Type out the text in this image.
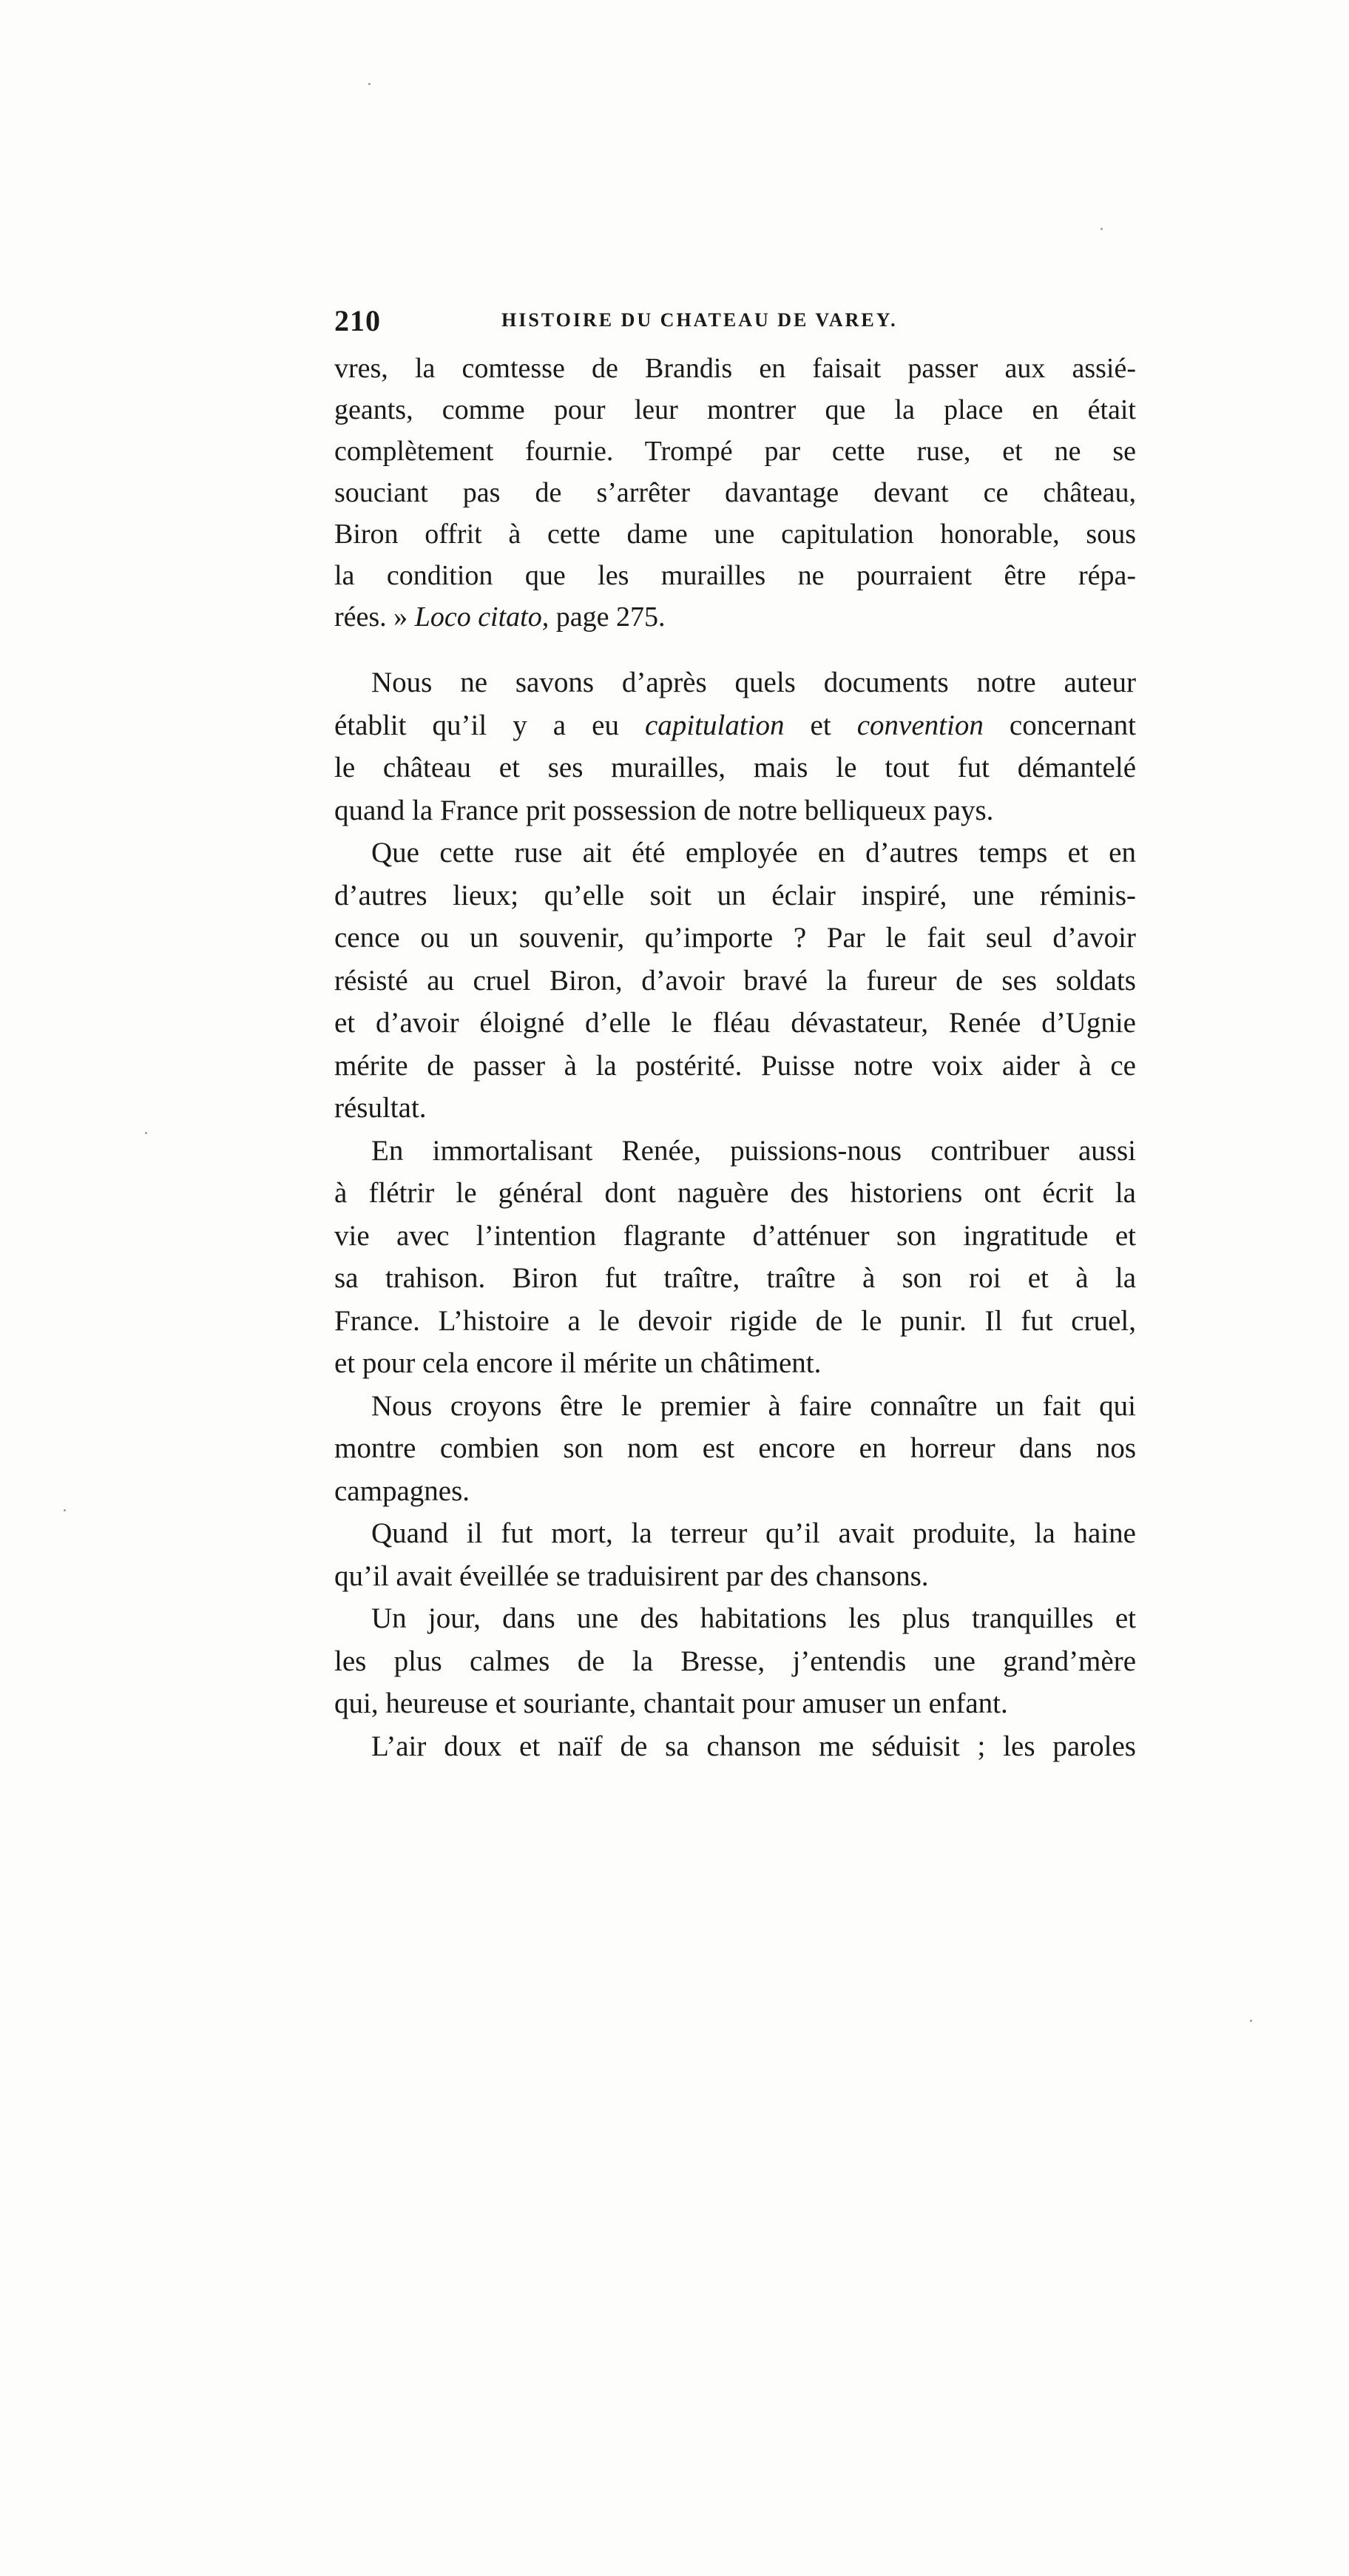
210	HISTOIRE DU CHATEAU DE VAREY.
vres, la comtesse de Brandis en faisait passer aux assié-
geants, comme pour leur montrer que la place en était
complètement fournie. Trompé par cette ruse, et ne se
souciant pas de s’arrêter davantage devant ce château,
Biron offrit à cette dame une capitulation honorable, sous
la condition que les murailles ne pourraient être répa-
rées. » Loco citato, page 275.
Nous ne savons d’après quels documents notre auteur
établit qu’il y a eu capitulation et convention concernant
le château et ses murailles, mais le tout fut démantelé
quand la France prit possession de notre belliqueux pays.
Que cette ruse ait été employée en d’autres temps et en
d’autres lieux; qu’elle soit un éclair inspiré, une réminis-
cence ou un souvenir, qu’importe ? Par le fait seul d’avoir
résisté au cruel Biron, d’avoir bravé la fureur de ses soldats
et d’avoir éloigné d’elle le fléau dévastateur, Renée d’Ugnie
mérite de passer à la postérité. Puisse notre voix aider à ce
résultat.
En immortalisant Renée, puissions-nous contribuer aussi
à flétrir le général dont naguère des historiens ont écrit la
vie avec l’intention flagrante d’atténuer son ingratitude et
sa trahison. Biron fut traître, traître à son roi et à la
France. L’histoire a le devoir rigide de le punir. Il fut cruel,
et pour cela encore il mérite un châtiment.
Nous croyons être le premier à faire connaître un fait qui
montre combien son nom est encore en horreur dans nos
campagnes.
Quand il fut mort, la terreur qu’il avait produite, la haine
qu’il avait éveillée se traduisirent par des chansons.
Un jour, dans une des habitations les plus tranquilles et
les plus calmes de la Bresse, j’entendis une grand’mère
qui, heureuse et souriante, chantait pour amuser un enfant.
L’air doux et naïf de sa chanson me séduisit ; les paroles
